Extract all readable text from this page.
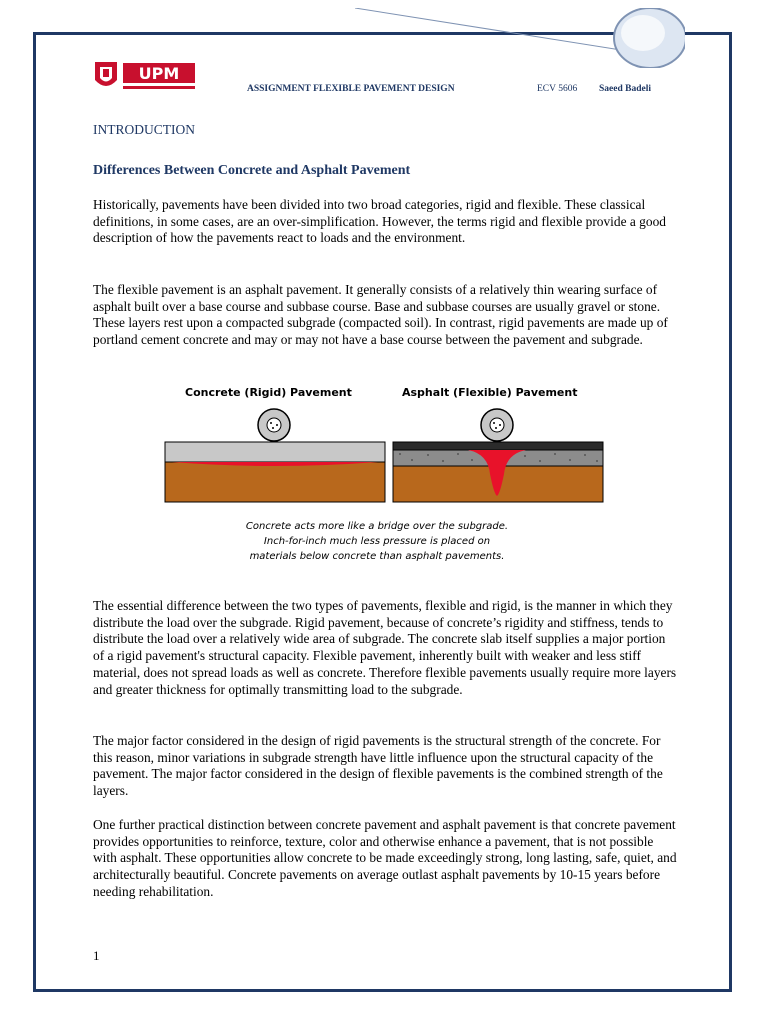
UPM
ASSIGNMENT FLEXIBLE PAVEMENT DESIGN	ECV 5606 Saeed Badeli
INTRODUCTION
Differences Between Concrete and Asphalt Pavement

Historically, pavements have been divided into two broad categories, rigid and flexible. These classical definitions, in some cases, are an over-simplification. However, the terms rigid and flexible provide a good description of how the pavements react to loads and the environment.

The flexible pavement is an asphalt pavement. It generally consists of a relatively thin wearing surface of asphalt built over a base course and subbase course. Base and subbase courses are usually gravel or stone. These layers rest upon a compacted subgrade (compacted soil). In contrast, rigid pavements are made up of portland cement concrete and may or may not have a base course between the pavement and subgrade.

Concrete (Rigid) Pavement	Asphalt (Flexible) Pavement
Concrete acts more like a bridge over the subgrade. Inch-for-inch much less pressure is placed on materials below concrete than asphalt pavements.

The essential difference between the two types of pavements, flexible and rigid, is the manner in which they distribute the load over the subgrade. Rigid pavement, because of concrete’s rigidity and stiffness, tends to distribute the load over a relatively wide area of subgrade. The concrete slab itself supplies a major portion of a rigid pavement's structural capacity. Flexible pavement, inherently built with weaker and less stiff material, does not spread loads as well as concrete. Therefore flexible pavements usually require more layers and greater thickness for optimally transmitting load to the subgrade.

The major factor considered in the design of rigid pavements is the structural strength of the concrete. For this reason, minor variations in subgrade strength have little influence upon the structural capacity of the pavement. The major factor considered in the design of flexible pavements is the combined strength of the layers.

One further practical distinction between concrete pavement and asphalt pavement is that concrete pavement provides opportunities to reinforce, texture, color and otherwise enhance a pavement, that is not possible with asphalt. These opportunities allow concrete to be made exceedingly strong, long lasting, safe, quiet, and architecturally beautiful. Concrete pavements on average outlast asphalt pavements by 10-15 years before needing rehabilitation.

1
